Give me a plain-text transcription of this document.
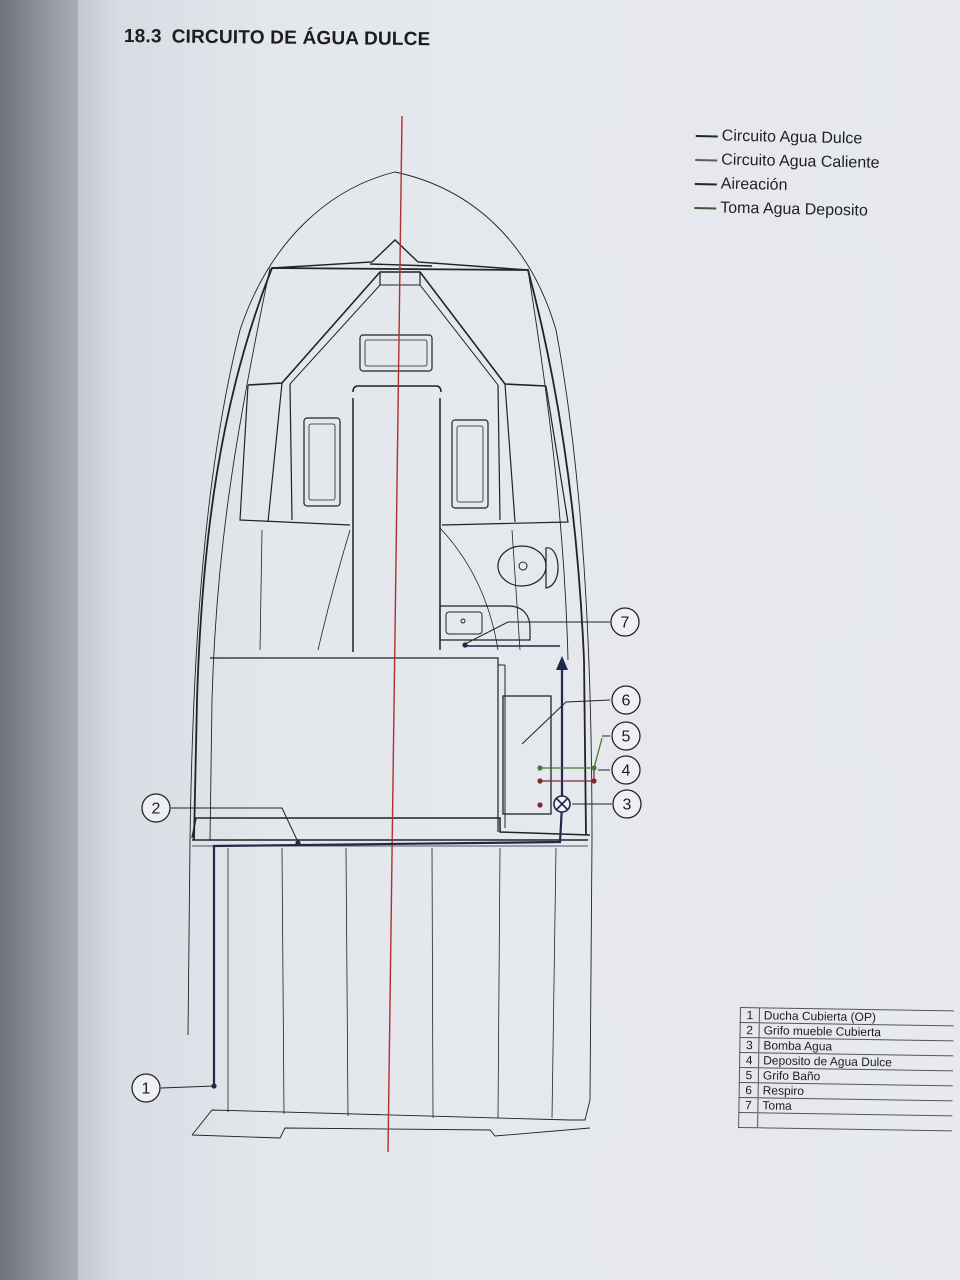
18.3 CIRCUITO DE ÁGUA DULCE
1
2	3
4
5
6
7
Circuito Agua Dulce
Circuito Agua Caliente
Aireación
Toma Agua Deposito
1	Ducha Cubierta (OP)
2	Grifo mueble Cubierta
3	Bomba Agua
4	Deposito de Agua Dulce
5	Grifo Baño
6	Respiro
7	Toma
